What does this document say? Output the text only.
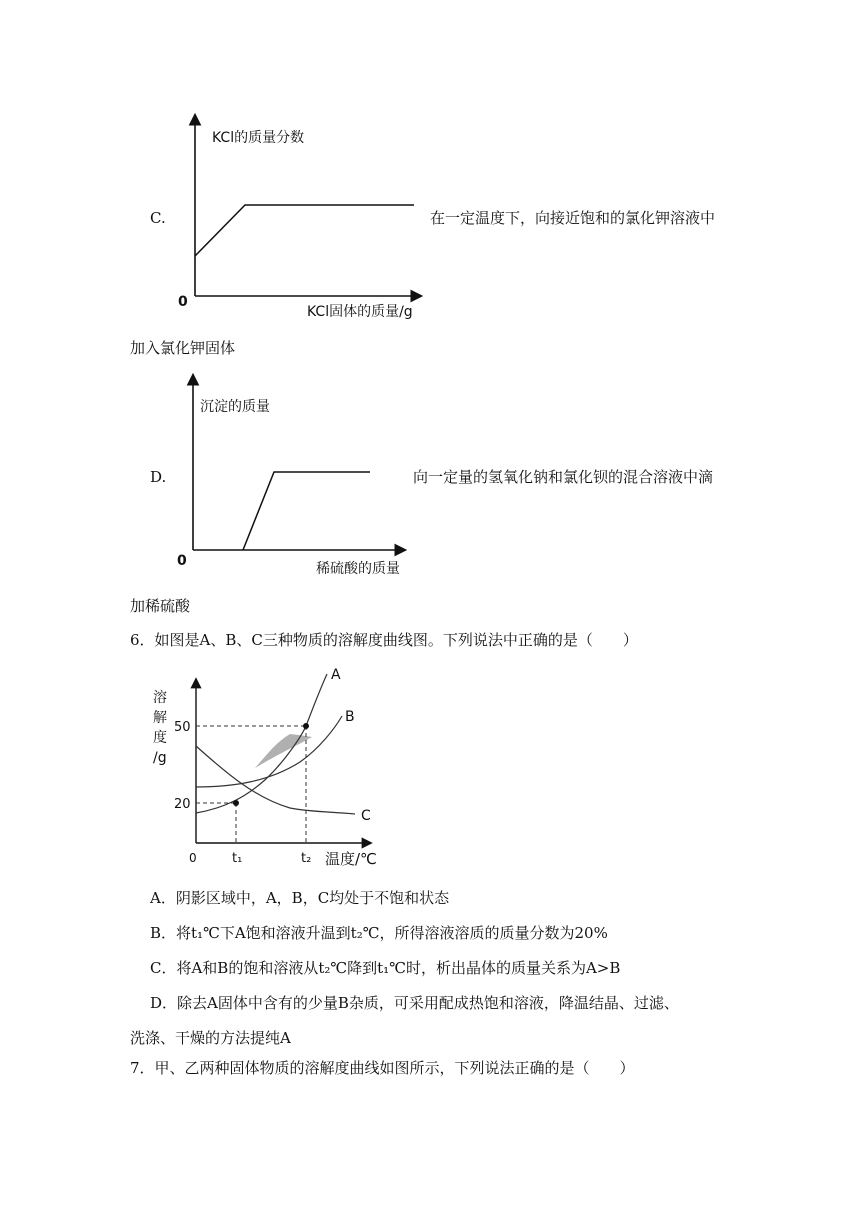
C.
KCl的质量分数
KCl固体的质量/g
0
在一定温度下，向接近饱和的氯化钾溶液中
加入氯化钾固体
D.
沉淀的质量
稀硫酸的质量
0
向一定量的氢氧化钠和氯化钡的混合溶液中滴
加稀硫酸
6．如图是A、B、C三种物质的溶解度曲线图。下列说法中正确的是（　　）
溶
解
度
/g
50
20
0	t₁	t₂ 温度/℃
A
B
C
A．阴影区域中，A，B，C均处于不饱和状态
B．将t₁℃下A饱和溶液升温到t₂℃，所得溶液溶质的质量分数为20%
C．将A和B的饱和溶液从t₂℃降到t₁℃时，析出晶体的质量关系为A>B
D．除去A固体中含有的少量B杂质，可采用配成热饱和溶液，降温结晶、过滤、
洗涤、干燥的方法提纯A
7．甲、乙两种固体物质的溶解度曲线如图所示，下列说法正确的是（　　）
